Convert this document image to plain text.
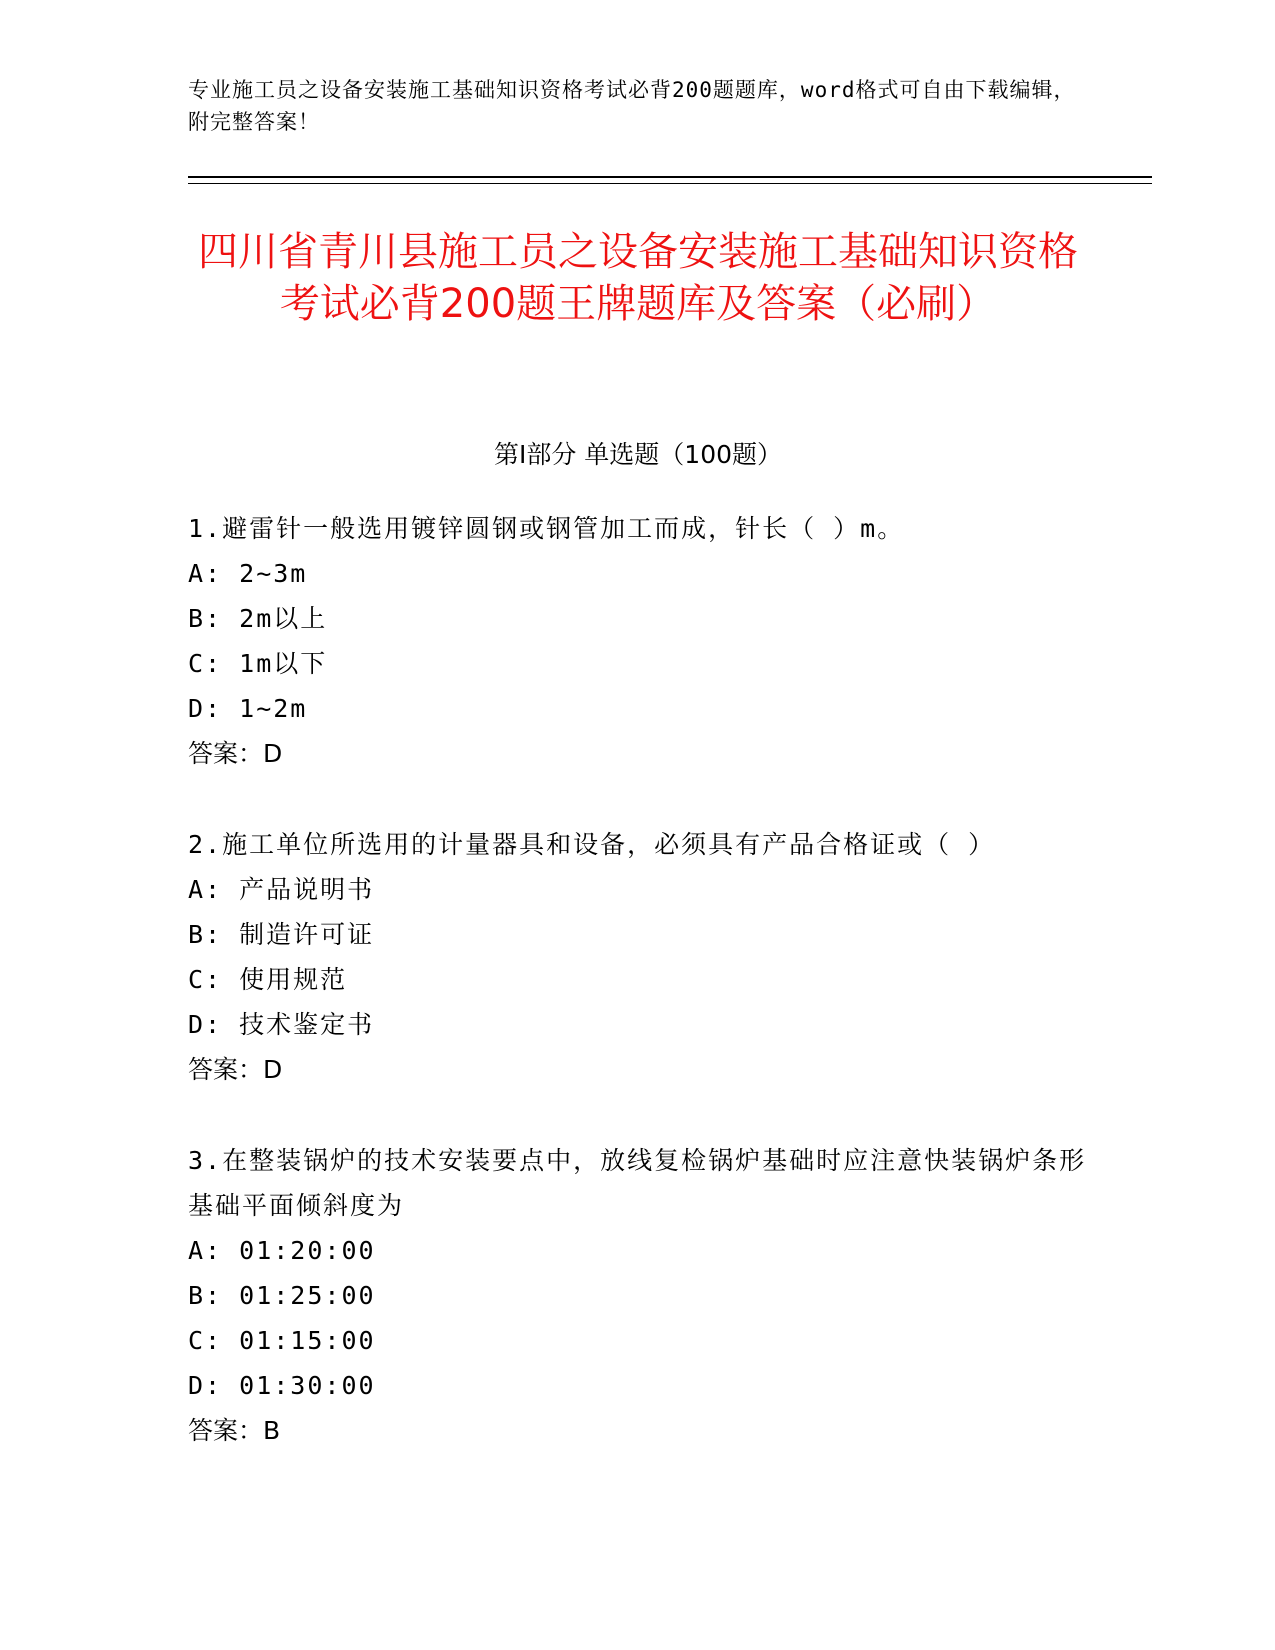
专业施工员之设备安装施工基础知识资格考试必背200题题库，word格式可自由下载编辑，附完整答案！
四川省青川县施工员之设备安装施工基础知识资格考试必背200题王牌题库及答案（必刷）
第Ⅰ部分 单选题（100题）
1.避雷针一般选用镀锌圆钢或钢管加工而成，针长（ ）m。
A: 2~3m
B: 2m以上
C: 1m以下
D: 1~2m
答案：D
2.施工单位所选用的计量器具和设备，必须具有产品合格证或（ ）
A: 产品说明书
B: 制造许可证
C: 使用规范
D: 技术鉴定书
答案：D
3.在整装锅炉的技术安装要点中，放线复检锅炉基础时应注意快装锅炉条形基础平面倾斜度为
A: 01:20:00
B: 01:25:00
C: 01:15:00
D: 01:30:00
答案：B
